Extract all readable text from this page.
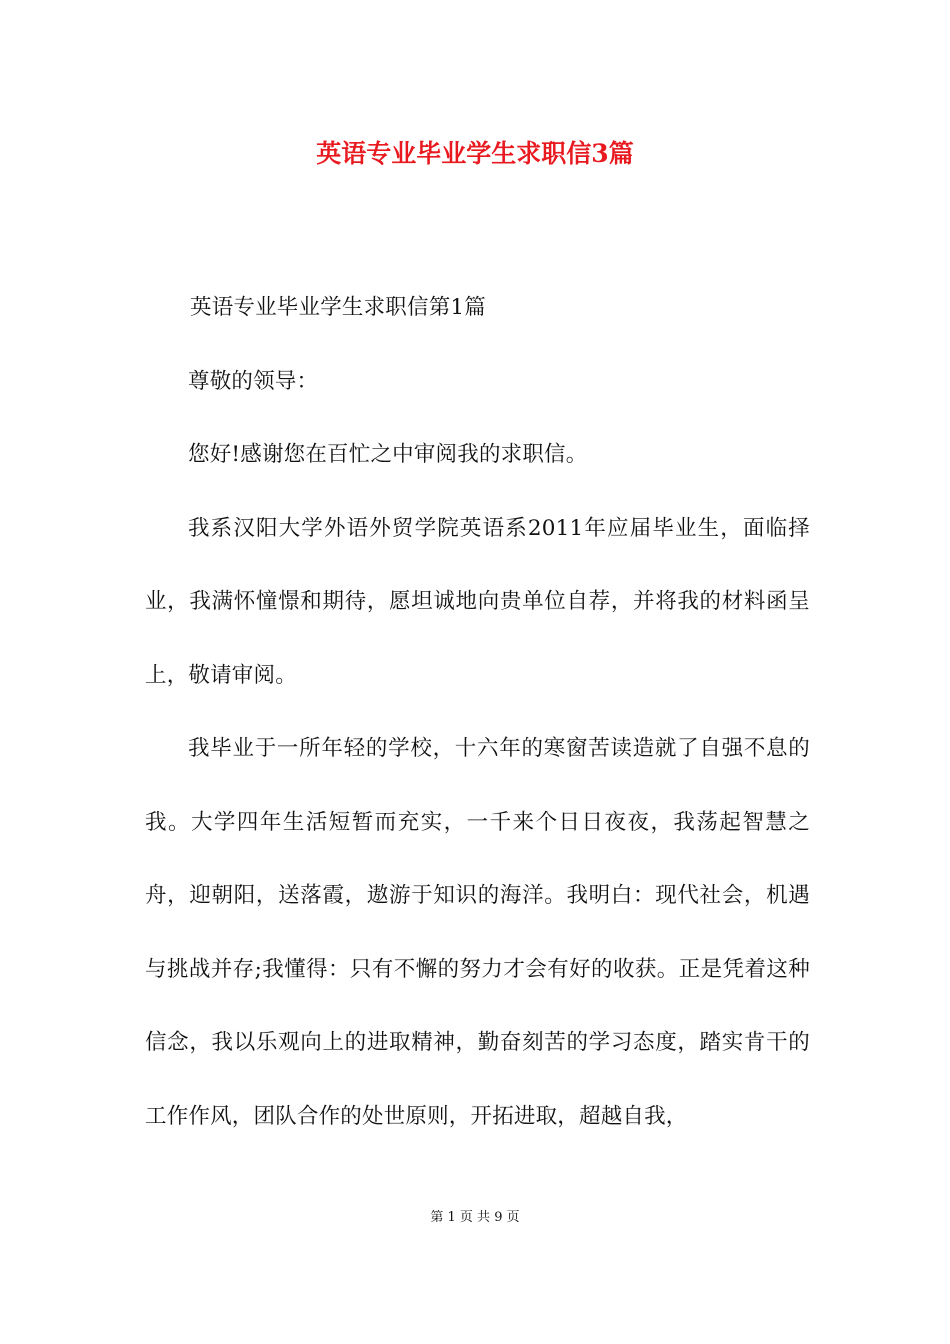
英语专业毕业学生求职信3篇

英语专业毕业学生求职信第1篇

尊敬的领导：

您好!感谢您在百忙之中审阅我的求职信。

我系汉阳大学外语外贸学院英语系2011年应届毕业生，面临择业，我满怀憧憬和期待，愿坦诚地向贵单位自荐，并将我的材料函呈上，敬请审阅。

我毕业于一所年轻的学校，十六年的寒窗苦读造就了自强不息的我。大学四年生活短暂而充实，一千来个日日夜夜，我荡起智慧之舟，迎朝阳，送落霞，遨游于知识的海洋。我明白：现代社会，机遇与挑战并存;我懂得：只有不懈的努力才会有好的收获。正是凭着这种信念，我以乐观向上的进取精神，勤奋刻苦的学习态度，踏实肯干的工作作风，团队合作的处世原则，开拓进取，超越自我，

第 1 页 共 9 页
